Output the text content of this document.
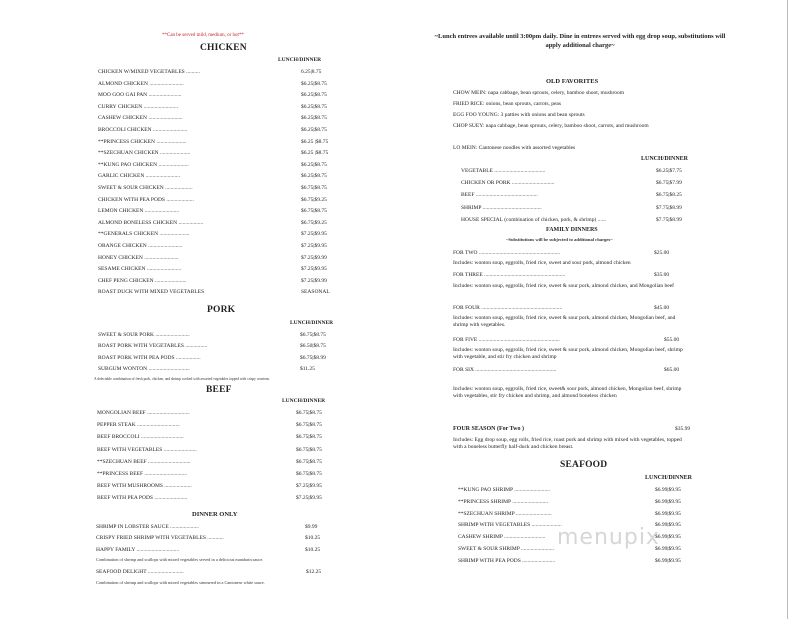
**Can be served mild, medium, or hot**
CHICKEN
LUNCH/DINNER
CHICKEN W/MIXED VEGETABLES ..........	6.25|8.75
ALMOND CHICKEN .........................	$6.25|$8.75
MOO GOO GAI PAN ........................	$6.25|$8.75
CURRY CHICKEN .........................	$6.25|$8.75
CASHEW CHICKEN .........................	$6.25|$8.75
BROCCOLI CHICKEN .........................	$6.25|$8.75
**PRINCESS CHICKEN ......................	$6.25 |$8.75
**SZECHUAN CHICKEN ......................	$6.25 |$8.75
**KUNG PAO CHICKEN ......................	$6.25|$8.75
GARLIC CHICKEN .........................	$6.25|$8.75
SWEET & SOUR CHICKEN ....................	$6.75|$8.75
CHICKEN WITH PEA PODS ....................	$6.75|$9.25
LEMON CHICKEN .........................	$6.75|$8.75
ALMOND BONELESS CHICKEN ..................	$6.75|$9.25
**GENERALS CHICKEN ......................	$7.25|$9.95
ORANGE CHICKEN .........................	$7.25|$9.95
HONEY CHICKEN .........................	$7.25|$9.99
SESAME CHICKEN .........................	$7.25|$9.95
CHEF PENG CHICKEN .......................	$7.25|$9.99
ROAST DUCK WITH MIXED VEGETABLES	SEASONAL
PORK
LUNCH/DINNER
SWEET & SOUR PORK .........................	$6.75|$8.75
ROAST PORK WITH VEGETABLES ................	$6.50|$8.75
ROAST PORK WITH PEA PODS ..................	$6.75|$8.99
SUBGUM WONTON ..............................	$11.25
A delectable combination of fresh pork, chicken, and shrimp cooked with assorted vegetables topped with crispy wontons.
BEEF
LUNCH/DINNER
MONGOLIAN BEEF ...............................	$6.75|$8.75
PEPPER STEAK ...............................	$6.75|$8.75
BEEF BROCCOLI ...............................	$6.75|$8.75
BEEF WITH VEGETABLES ........................	$6.75|$8.75
**SZECHUAN BEEF ...............................	$6.75|$8.75
**PRINCESS BEEF ...............................	$6.75|$8.75
BEEF WITH MUSHROOMS ....................	$7.25|$9.95
BEEF WITH PEA PODS ........................	$7.25|$9.95
DINNER ONLY
SHRIMP IN LOBSTER SAUCE .....................	$9.99
CRISPY FRIED SHRIMP WITH VEGETABLES ............	$10.25
HAPPY FAMILY ...............................	$10.25
Combination of shrimp and scallops with mixed vegetables served in a delicious mandarin sauce.
SEAFOOD DELIGHT ..........................	$12.25
Combination of shrimp and scallops with mixed vegetables simmered in a Cantonese white sauce.
~Lunch entrees available until 3:00pm daily. Dine in entrees served with egg drop soup, substitutions will apply additional charge~
OLD FAVORITES
CHOW MEIN: napa cabbage, bean sprouts, celery, bamboo shoot, mushroom
FRIED RICE: onions, bean sprouts, carrots, peas
EGG FOO YOUNG: 3 patties with onions and bean sprouts
CHOP SUEY: napa cabbage, bean sprouts, celery, bamboo shoot, carrots, and mushroom
LO MEIN: Cantonese noodles with assorted vegetables
LUNCH/DINNER
VEGETABLE .....................................	$6.25|$7.75
CHICKEN OR PORK ...............................	$6.75|$7.99
BEEF .............................................	$6.75|$8.25
SHRIMP ...........................................	$7.75|$8.99
HOUSE SPECIAL (combination of chicken, pork, & shrimp) ......	$7.75|$8.99
FAMILY DINNERS
~Substitutions will be subjected to additional charges~
FOR TWO ...........................................................	$25.00
Includes: wonton soup, eggrolls, fried rice, sweet and sour pork, almond chicken
FOR THREE ...........................................................	$35.00
Includes: wonton soup, eggrolls, fried rice, sweet & sour pork, almond chicken, and Mongolian beef
FOR FOUR ...........................................................	$45.00
Includes: wonton soup, eggrolls, fried rice, sweet & sour pork, almond chicken, Mongolian beef, and shrimp with vegetables.
FOR FIVE ...........................................................	$55.00
Includes: wonton soup, eggrolls, fried rice, sweet & sour pork, almond chicken, Mongolian beef, shrimp with vegetable, and stir fry chicken and shrimp
FOR SIX ...........................................................	$65.00
Includes: wonton soup, eggrolls, fried rice, sweet& sour pork, almond chicken, Mongolian beef, shrimp with vegetables, stir fry chicken and shrimp, and almond boneless chicken
FOUR SEASON (For Two )	$35.99
Includes: Egg drop soup, egg rolls, fried rice, roast pork and shrimp with mixed with vegetables, topped with a boneless butterfly half-duck and chicken breast.
SEAFOOD
LUNCH/DINNER
**KUNG PAO SHRIMP ..........................	$6.99|$9.95
**PRINCESS SHRIMP ..........................	$6.99|$9.95
**SZECHUAN SHRIMP ..........................	$6.99|$9.95
SHRIMP WITH VEGETABLES ......................	$6.99|$9.95
CASHEW SHRIMP ..............................	$6.99|$9.95
SWEET & SOUR SHRIMP ........................	$6.99|$9.95
SHRIMP WITH PEA PODS ........................	$6.99|$9.95
menupix
